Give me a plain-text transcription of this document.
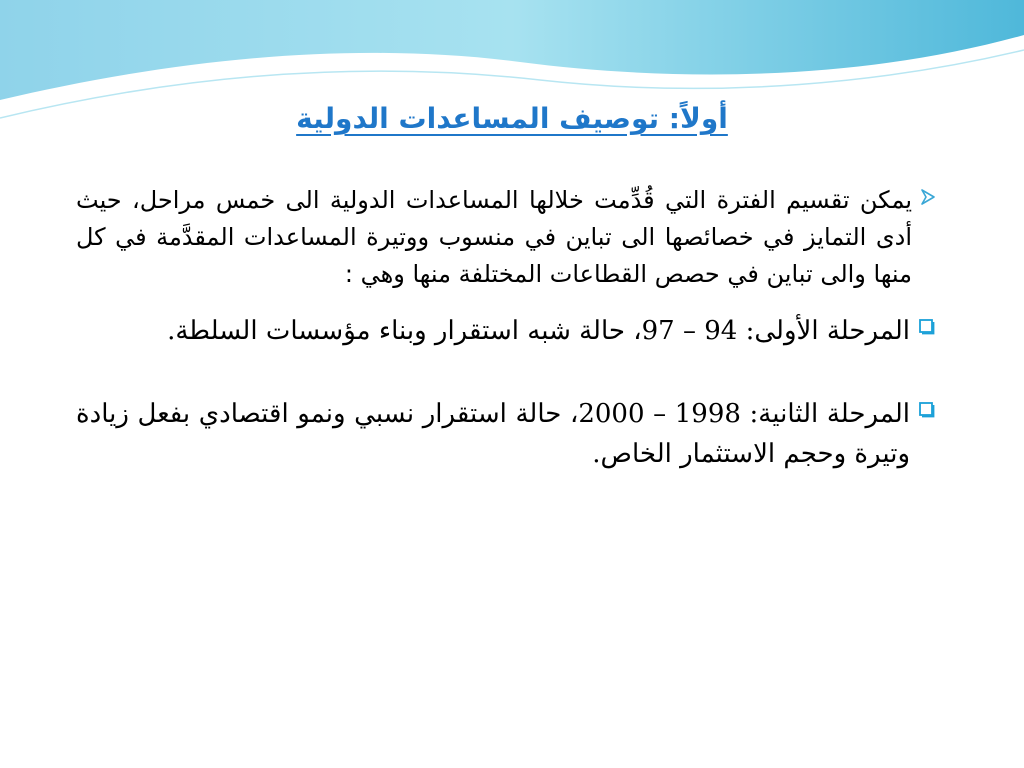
أولاً: توصيف المساعدات الدولية
يمكن تقسيم الفترة التي قُدِّمت خلالها المساعدات الدولية الى خمس مراحل، حيث أدى التمايز في خصائصها الى تباين في منسوب ووتيرة المساعدات المقدَّمة في كل منها والى تباين في حصص القطاعات المختلفة منها وهي :
المرحلة الأولى: 94 – 97، حالة شبه استقرار وبناء مؤسسات السلطة.
المرحلة الثانية: 1998 – 2000، حالة استقرار نسبي ونمو اقتصادي بفعل زيادة وتيرة وحجم الاستثمار الخاص.
